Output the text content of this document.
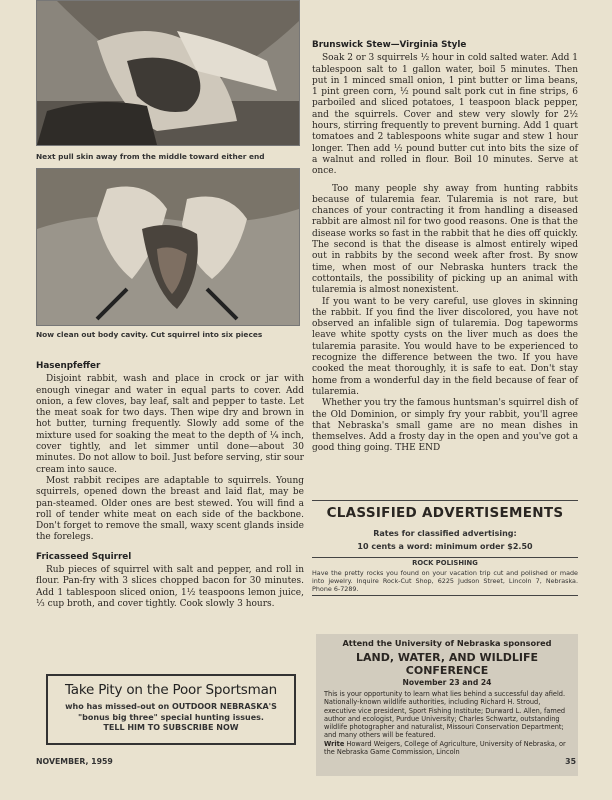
Next pull skin away from the middle toward either end
Now clean out body cavity. Cut squirrel into six pieces
Hasenpfeffer

Disjoint rabbit, wash and place in crock or jar with enough vinegar and water in equal parts to cover. Add onion, a few cloves, bay leaf, salt and pepper to taste. Let the meat soak for two days. Then wipe dry and brown in hot butter, turning frequently. Slowly add some of the mixture used for soaking the meat to the depth of ¼ inch, cover tightly, and let simmer until done—about 30 minutes. Do not allow to boil. Just before serving, stir sour cream into sauce.

Most rabbit recipes are adaptable to squirrels. Young squirrels, opened down the breast and laid flat, may be pan-steamed. Older ones are best stewed. You will find a roll of tender white meat on each side of the backbone. Don't forget to remove the small, waxy scent glands inside the forelegs.

Fricasseed Squirrel

Rub pieces of squirrel with salt and pepper, and roll in flour. Pan-fry with 3 slices chopped bacon for 30 minutes. Add 1 tablespoon sliced onion, 1½ teaspoons lemon juice, ⅓ cup broth, and cover tightly. Cook slowly 3 hours.

Take Pity on the Poor Sportsman
who has missed-out on OUTDOOR NEBRASKA'S
"bonus big three" special hunting issues.
TELL HIM TO SUBSCRIBE NOW
Brunswick Stew—Virginia Style

Soak 2 or 3 squirrels ½ hour in cold salted water. Add 1 tablespoon salt to 1 gallon water, boil 5 minutes. Then put in 1 minced small onion, 1 pint butter or lima beans, 1 pint green corn, ½ pound salt pork cut in fine strips, 6 parboiled and sliced potatoes, 1 teaspoon black pepper, and the squirrels. Cover and stew very slowly for 2½ hours, stirring frequently to prevent burning. Add 1 quart tomatoes and 2 tablespoons white sugar and stew 1 hour longer. Then add ½ pound butter cut into bits the size of a walnut and rolled in flour. Boil 10 minutes. Serve at once.

Too many people shy away from hunting rabbits because of tularemia fear. Tularemia is not rare, but chances of your contracting it from handling a diseased rabbit are almost nil for two good reasons. One is that the disease works so fast in the rabbit that he dies off quickly. The second is that the disease is almost entirely wiped out in rabbits by the second week after frost. By snow time, when most of our Nebraska hunters track the cottontails, the possibility of picking up an animal with tularemia is almost nonexistent.

If you want to be very careful, use gloves in skinning the rabbit. If you find the liver discolored, you have not observed an infalible sign of tularemia. Dog tapeworms leave white spotty cysts on the liver much as does the tularemia parasite. You would have to be experienced to recognize the difference between the two. If you have cooked the meat thoroughly, it is safe to eat. Don't stay home from a wonderful day in the field because of fear of tularemia.

Whether you try the famous huntsman's squirrel dish of the Old Dominion, or simply fry your rabbit, you'll agree that Nebraska's small game are no mean dishes in themselves. Add a frosty day in the open and you've got a good thing going. THE END

CLASSIFIED ADVERTISEMENTS
Rates for classified advertising:
10 cents a word: minimum order $2.50
ROCK POLISHING
Have the pretty rocks you found on your vacation trip cut and polished or made into jewelry. Inquire Rock-Cut Shop, 6225 Judson Street, Lincoln 7, Nebraska. Phone 6-7289.
Attend the University of Nebraska sponsored
LAND, WATER, AND WILDLIFE
CONFERENCE
November 23 and 24
This is your opportunity to learn what lies behind a successful day afield. Nationally-known wildlife authorities, including Richard H. Stroud, executive vice president, Sport Fishing Institute; Durward L. Allen, famed author and ecologist, Purdue University; Charles Schwartz, outstanding wildlife photographer and naturalist, Missouri Conservation Department; and many others will be featured.
Write Howard Weigers, College of Agriculture, University of Nebraska, or the Nebraska Game Commission, Lincoln
NOVEMBER, 1959	35
